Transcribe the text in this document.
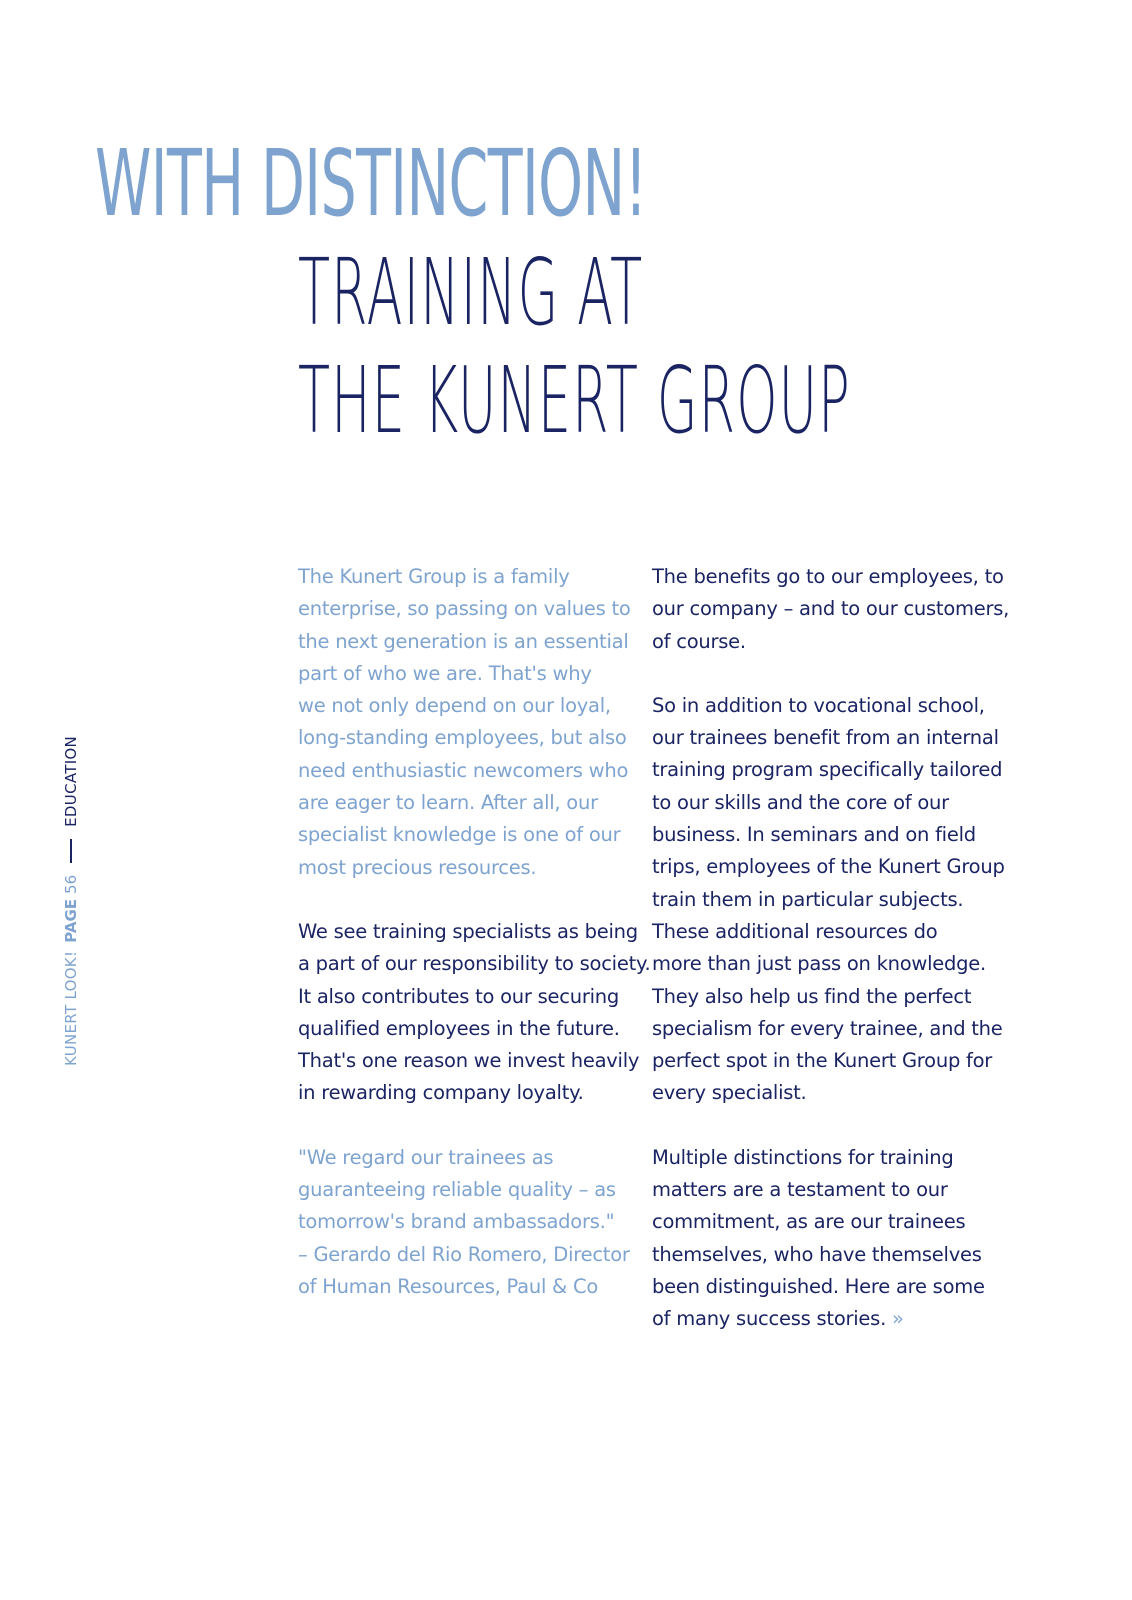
WITH DISTINCTION!
TRAINING AT
THE KUNERT GROUP
KUNERT LOOK!
PAGE
56
EDUCATION

The Kunert Group is a family
enterprise, so passing on values to
the next generation is an essential
part of who we are. That's why
we not only depend on our loyal,
long-standing employees, but also
need enthusiastic newcomers who
are eager to learn. After all, our
specialist knowledge is one of our
most precious resources.

We see training specialists as being
a part of our responsibility to society.
It also contributes to our securing
qualified employees in the future.
That's one reason we invest heavily
in rewarding company loyalty.

"We regard our trainees as
guaranteeing reliable quality – as
tomorrow's brand ambassadors."
– Gerardo del Rio Romero, Director
of Human Resources, Paul & Co

The benefits go to our employees, to
our company – and to our customers,
of course.

So in addition to vocational school,
our trainees benefit from an internal
training program specifically tailored
to our skills and the core of our
business. In seminars and on field
trips, employees of the Kunert Group
train them in particular subjects.
These additional resources do
more than just pass on knowledge.
They also help us find the perfect
specialism for every trainee, and the
perfect spot in the Kunert Group for
every specialist.

Multiple distinctions for training
matters are a testament to our
commitment, as are our trainees
themselves, who have themselves
been distinguished. Here are some
of many success stories. »
